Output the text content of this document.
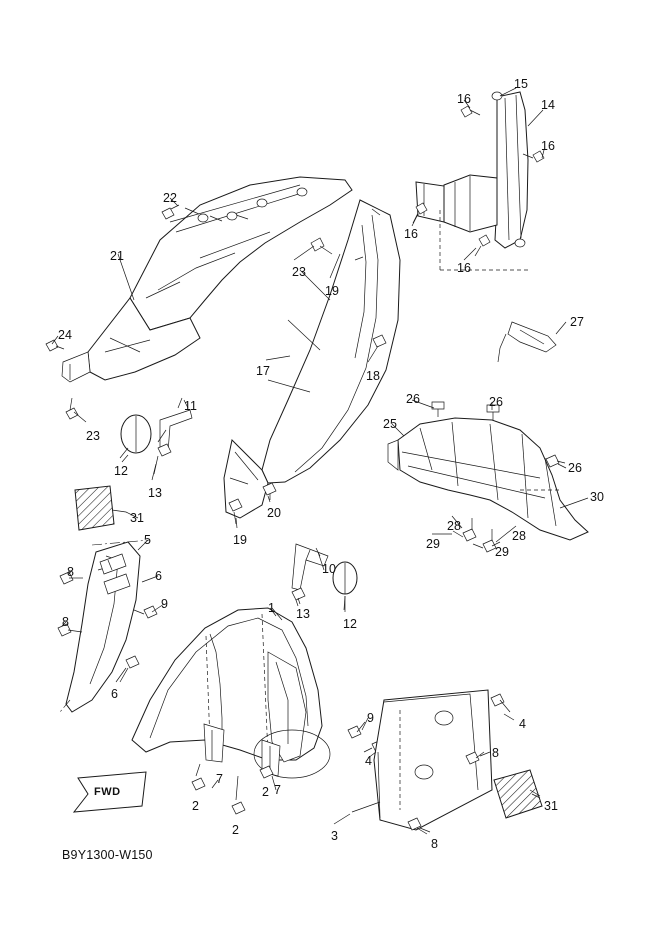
FWD
B9Y1300-W150
15
14
16
16
16
16
22
21
23
19
24
23
27
17	18
26	26
25
26
30
11
12
13
20
19
28
29
28
29
31
5
8	6	10
13
12
9	1
8
6
9	4
8
4
7
7
2
2
2
31
3
8
